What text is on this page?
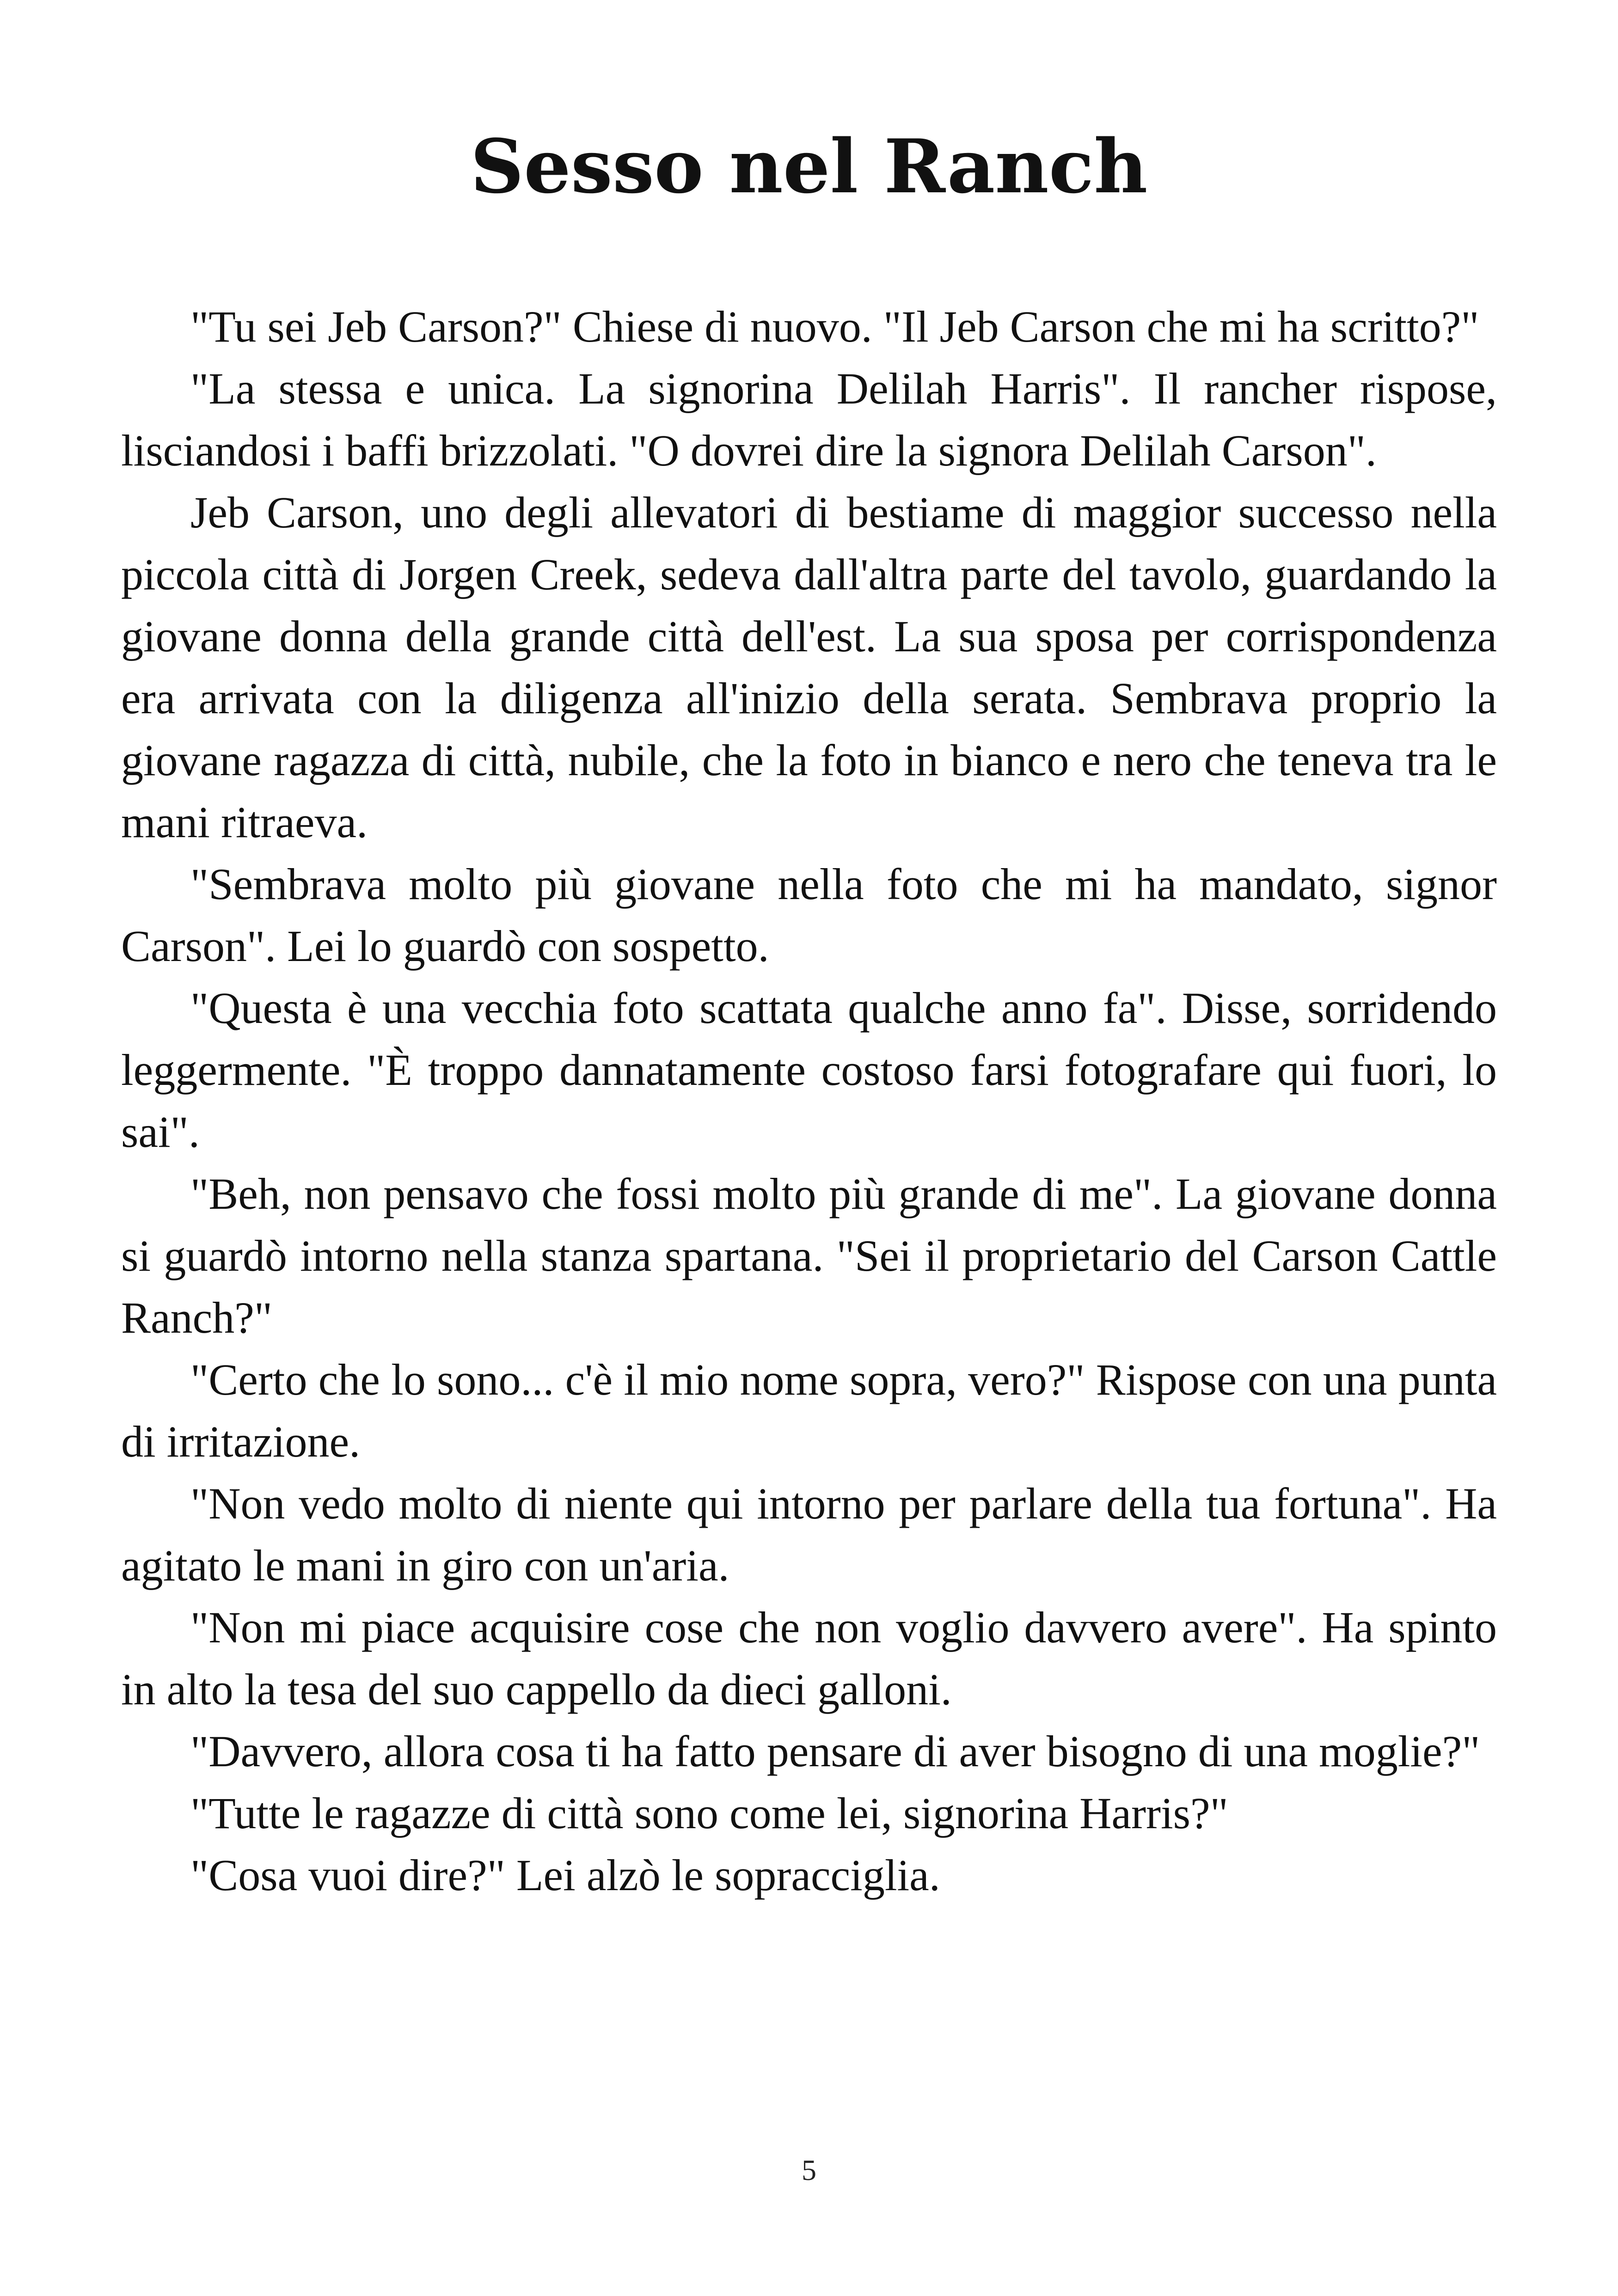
Sesso nel Ranch

"Tu sei Jeb Carson?" Chiese di nuovo. "Il Jeb Carson che mi ha scritto?"

"La stessa e unica. La signorina Delilah Harris". Il rancher rispose, lisciandosi i baffi brizzolati. "O dovrei dire la signora Delilah Carson".

Jeb Carson, uno degli allevatori di bestiame di maggior successo nella piccola città di Jorgen Creek, sedeva dall'altra parte del tavolo, guardando la giovane donna della grande città dell'est. La sua sposa per corrispondenza era arrivata con la diligenza all'inizio della serata. Sembrava proprio la giovane ragazza di città, nubile, che la foto in bianco e nero che teneva tra le mani ritraeva.

"Sembrava molto più giovane nella foto che mi ha mandato, signor Carson". Lei lo guardò con sospetto.

"Questa è una vecchia foto scattata qualche anno fa". Disse, sorridendo leggermente. "È troppo dannatamente costoso farsi fotografare qui fuori, lo sai".

"Beh, non pensavo che fossi molto più grande di me". La giovane donna si guardò intorno nella stanza spartana. "Sei il proprietario del Carson Cattle Ranch?"

"Certo che lo sono... c'è il mio nome sopra, vero?" Rispose con una punta di irritazione.

"Non vedo molto di niente qui intorno per parlare della tua fortuna". Ha agitato le mani in giro con un'aria.

"Non mi piace acquisire cose che non voglio davvero avere". Ha spinto in alto la tesa del suo cappello da dieci galloni.

"Davvero, allora cosa ti ha fatto pensare di aver bisogno di una moglie?"

"Tutte le ragazze di città sono come lei, signorina Harris?"

"Cosa vuoi dire?" Lei alzò le sopracciglia.

5
